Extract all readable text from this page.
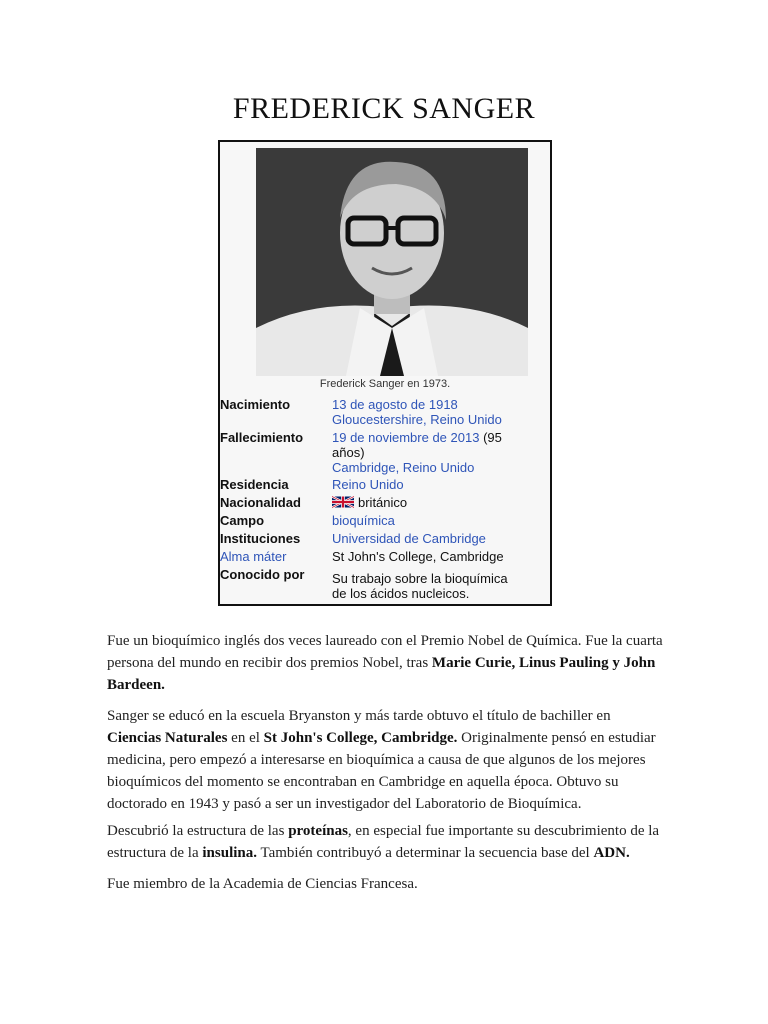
FREDERICK SANGER
Frederick Sanger en 1973.
Nacimiento	13 de agosto de 1918
Gloucestershire, Reino Unido
Fallecimiento 19 de noviembre de 2013 (95
años)
Cambridge, Reino Unido
Residencia	Reino Unido
Nacionalidad	británico
Campo	bioquímica
Instituciones Universidad de Cambridge
Alma máter	St John's College, Cambridge
Conocido por Su trabajo sobre la bioquímica
de los ácidos nucleicos.

Fue un bioquímico inglés dos veces laureado con el Premio Nobel de Química. Fue la cuarta persona del mundo en recibir dos premios Nobel, tras Marie Curie, Linus Pauling y John Bardeen.

Sanger se educó en la escuela Bryanston y más tarde obtuvo el título de bachiller en Ciencias Naturales en el St John's College, Cambridge. Originalmente pensó en estudiar medicina, pero empezó a interesarse en bioquímica a causa de que algunos de los mejores bioquímicos del momento se encontraban en Cambridge en aquella época. Obtuvo su doctorado en 1943 y pasó a ser un investigador del Laboratorio de Bioquímica.

Descubrió la estructura de las proteínas, en especial fue importante su descubrimiento de la estructura de la insulina. También contribuyó a determinar la secuencia base del ADN.

Fue miembro de la Academia de Ciencias Francesa.
